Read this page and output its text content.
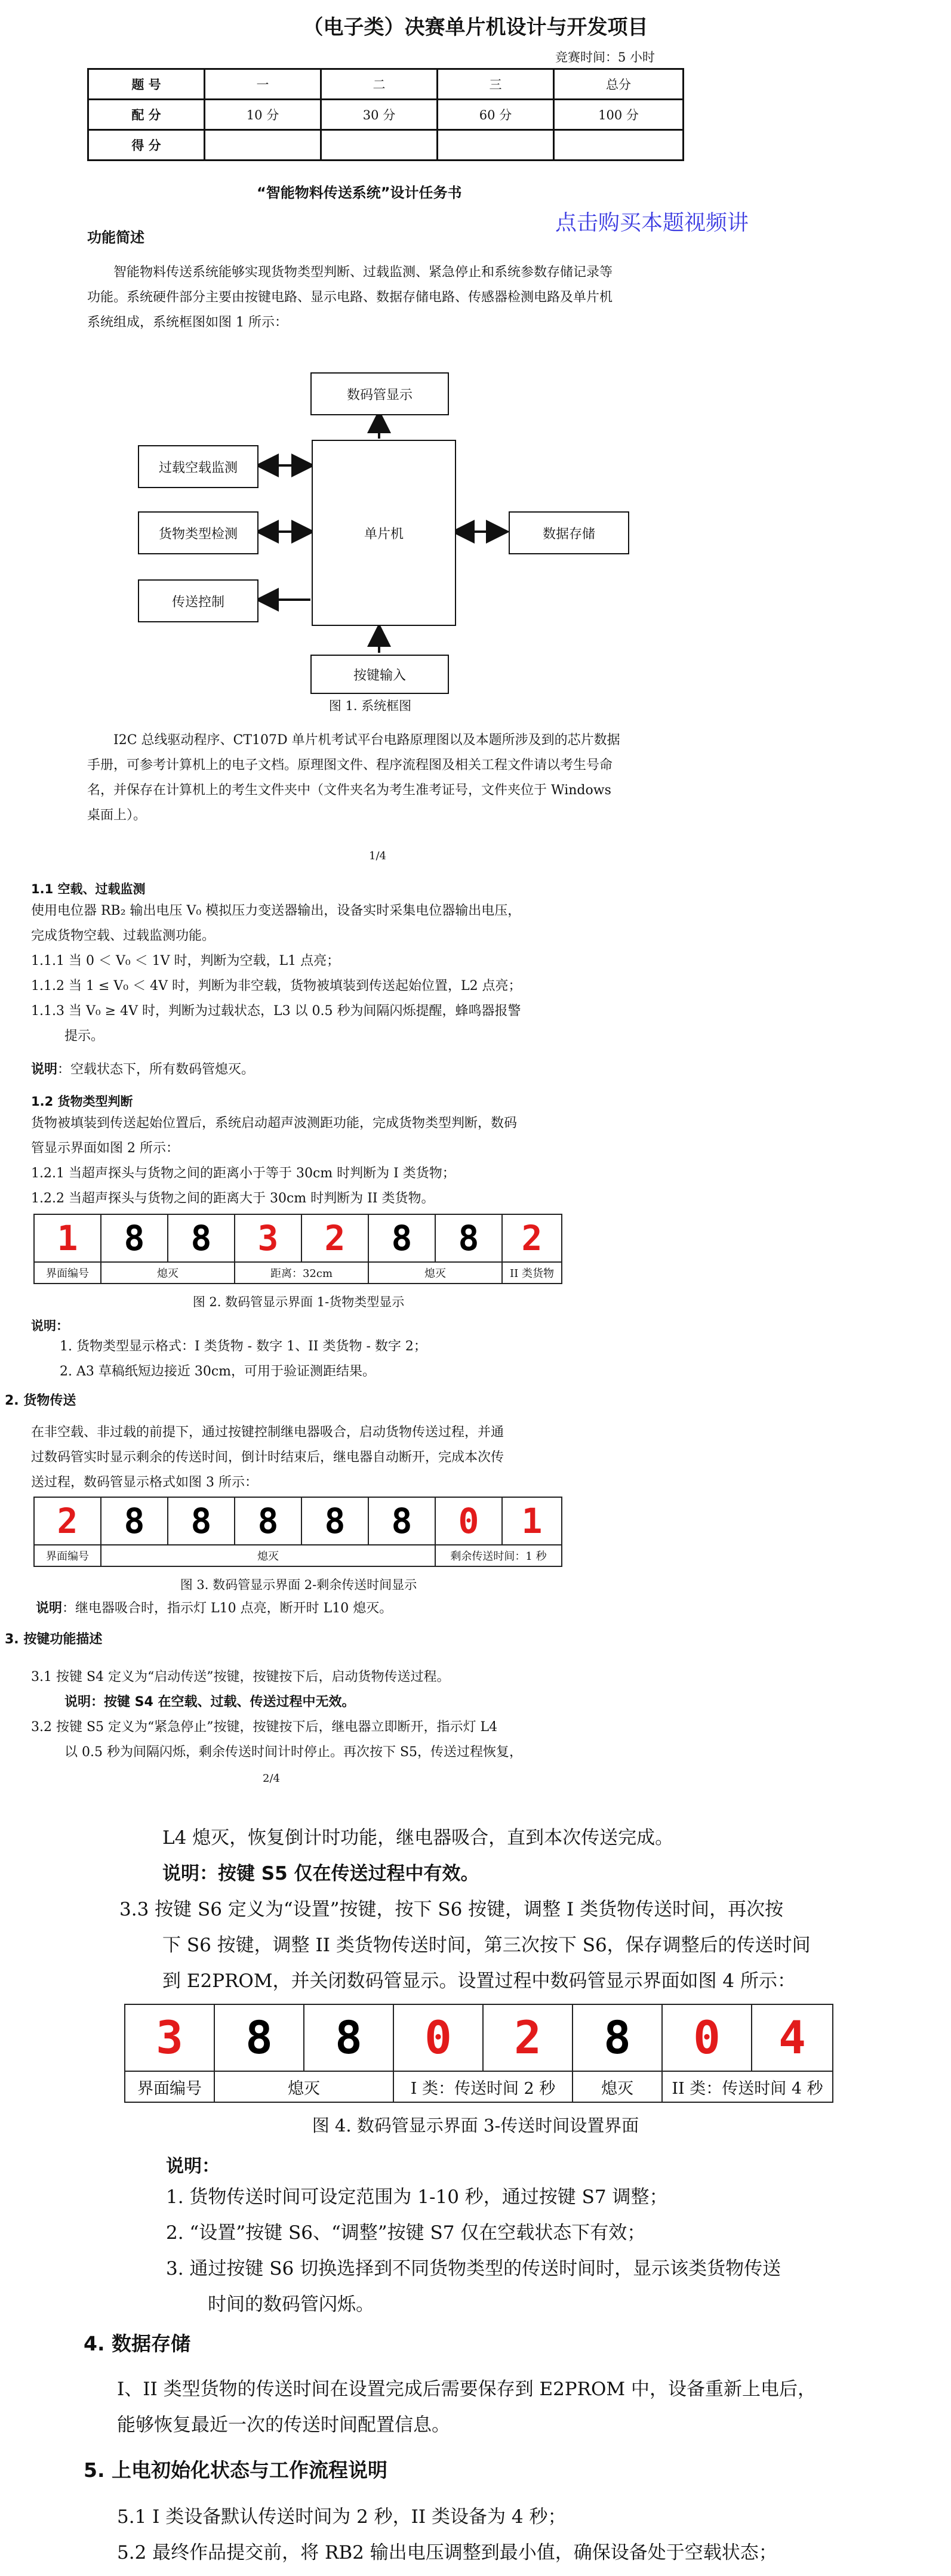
（电子类）决赛单片机设计与开发项目
竞赛时间：5 小时
题 号	一	二	三	总分
配 分	10 分	30 分	60 分	100 分
得 分				
“智能物料传送系统”设计任务书
点击购买本题视频讲
功能简述
智能物料传送系统能够实现货物类型判断、过载监测、紧急停止和系统参数存储记录等
功能。系统硬件部分主要由按键电路、显示电路、数据存储电路、传感器检测电路及单片机
系统组成，系统框图如图 1 所示：
数码管显示
过载空载监测
货物类型检测
传送控制
单片机	数据存储
按键输入
图 1. 系统框图
I2C 总线驱动程序、CT107D 单片机考试平台电路原理图以及本题所涉及到的芯片数据
手册，可参考计算机上的电子文档。原理图文件、程序流程图及相关工程文件请以考生号命
名，并保存在计算机上的考生文件夹中（文件夹名为考生准考证号，文件夹位于 Windows
桌面上）。
1/4
1.1 空载、过载监测
使用电位器 RB₂ 输出电压 V₀ 模拟压力变送器输出，设备实时采集电位器输出电压，
完成货物空载、过载监测功能。
1.1.1 当 0 ＜ V₀ ＜ 1V 时，判断为空载，L1 点亮；
1.1.2 当 1 ≤ V₀ ＜ 4V 时，判断为非空载，货物被填装到传送起始位置，L2 点亮；
1.1.3 当 V₀ ≥ 4V 时，判断为过载状态，L3 以 0.5 秒为间隔闪烁提醒，蜂鸣器报警
提示。
说明：空载状态下，所有数码管熄灭。
1.2 货物类型判断
货物被填装到传送起始位置后，系统启动超声波测距功能，完成货物类型判断，数码
管显示界面如图 2 所示：
1.2.1 当超声探头与货物之间的距离小于等于 30cm 时判断为 I 类货物；
1.2.2 当超声探头与货物之间的距离大于 30cm 时判断为 II 类货物。
1	8	8	3	2	8	8	2
界面编号	熄灭		距离：32cm		熄灭		II 类货物
图 2. 数码管显示界面 1-货物类型显示
说明：
1. 货物类型显示格式：I 类货物 - 数字 1、II 类货物 - 数字 2；
2. A3 草稿纸短边接近 30cm，可用于验证测距结果。
2. 货物传送
在非空载、非过载的前提下，通过按键控制继电器吸合，启动货物传送过程，并通
过数码管实时显示剩余的传送时间，倒计时结束后，继电器自动断开，完成本次传
送过程，数码管显示格式如图 3 所示：
2	8	8	8	8	8	0	1
界面编号	熄灭					剩余传送时间：1 秒	
图 3. 数码管显示界面 2-剩余传送时间显示
说明：继电器吸合时，指示灯 L10 点亮，断开时 L10 熄灭。
3. 按键功能描述
3.1 按键 S4 定义为“启动传送”按键，按键按下后，启动货物传送过程。
说明：按键 S4 在空载、过载、传送过程中无效。
3.2 按键 S5 定义为“紧急停止”按键，按键按下后，继电器立即断开，指示灯 L4
以 0.5 秒为间隔闪烁，剩余传送时间计时停止。再次按下 S5，传送过程恢复，
2/4
L4 熄灭，恢复倒计时功能，继电器吸合，直到本次传送完成。
说明：按键 S5 仅在传送过程中有效。
3.3 按键 S6 定义为“设置”按键，按下 S6 按键，调整 I 类货物传送时间，再次按
下 S6 按键，调整 II 类货物传送时间，第三次按下 S6，保存调整后的传送时间
到 E2PROM，并关闭数码管显示。设置过程中数码管显示界面如图 4 所示：
3	8	8	0	2	8	0	4
界面编号	熄灭		I 类：传送时间 2 秒		熄灭	II 类：传送时间 4 秒	
图 4. 数码管显示界面 3-传送时间设置界面
说明：
1. 货物传送时间可设定范围为 1-10 秒，通过按键 S7 调整；
2. “设置”按键 S6、“调整”按键 S7 仅在空载状态下有效；
3. 通过按键 S6 切换选择到不同货物类型的传送时间时，显示该类货物传送
时间的数码管闪烁。
4. 数据存储
I、II 类型货物的传送时间在设置完成后需要保存到 E2PROM 中，设备重新上电后，
能够恢复最近一次的传送时间配置信息。
5. 上电初始化状态与工作流程说明
5.1 I 类设备默认传送时间为 2 秒，II 类设备为 4 秒；
5.2 最终作品提交前，将 RB2 输出电压调整到最小值，确保设备处于空载状态；
